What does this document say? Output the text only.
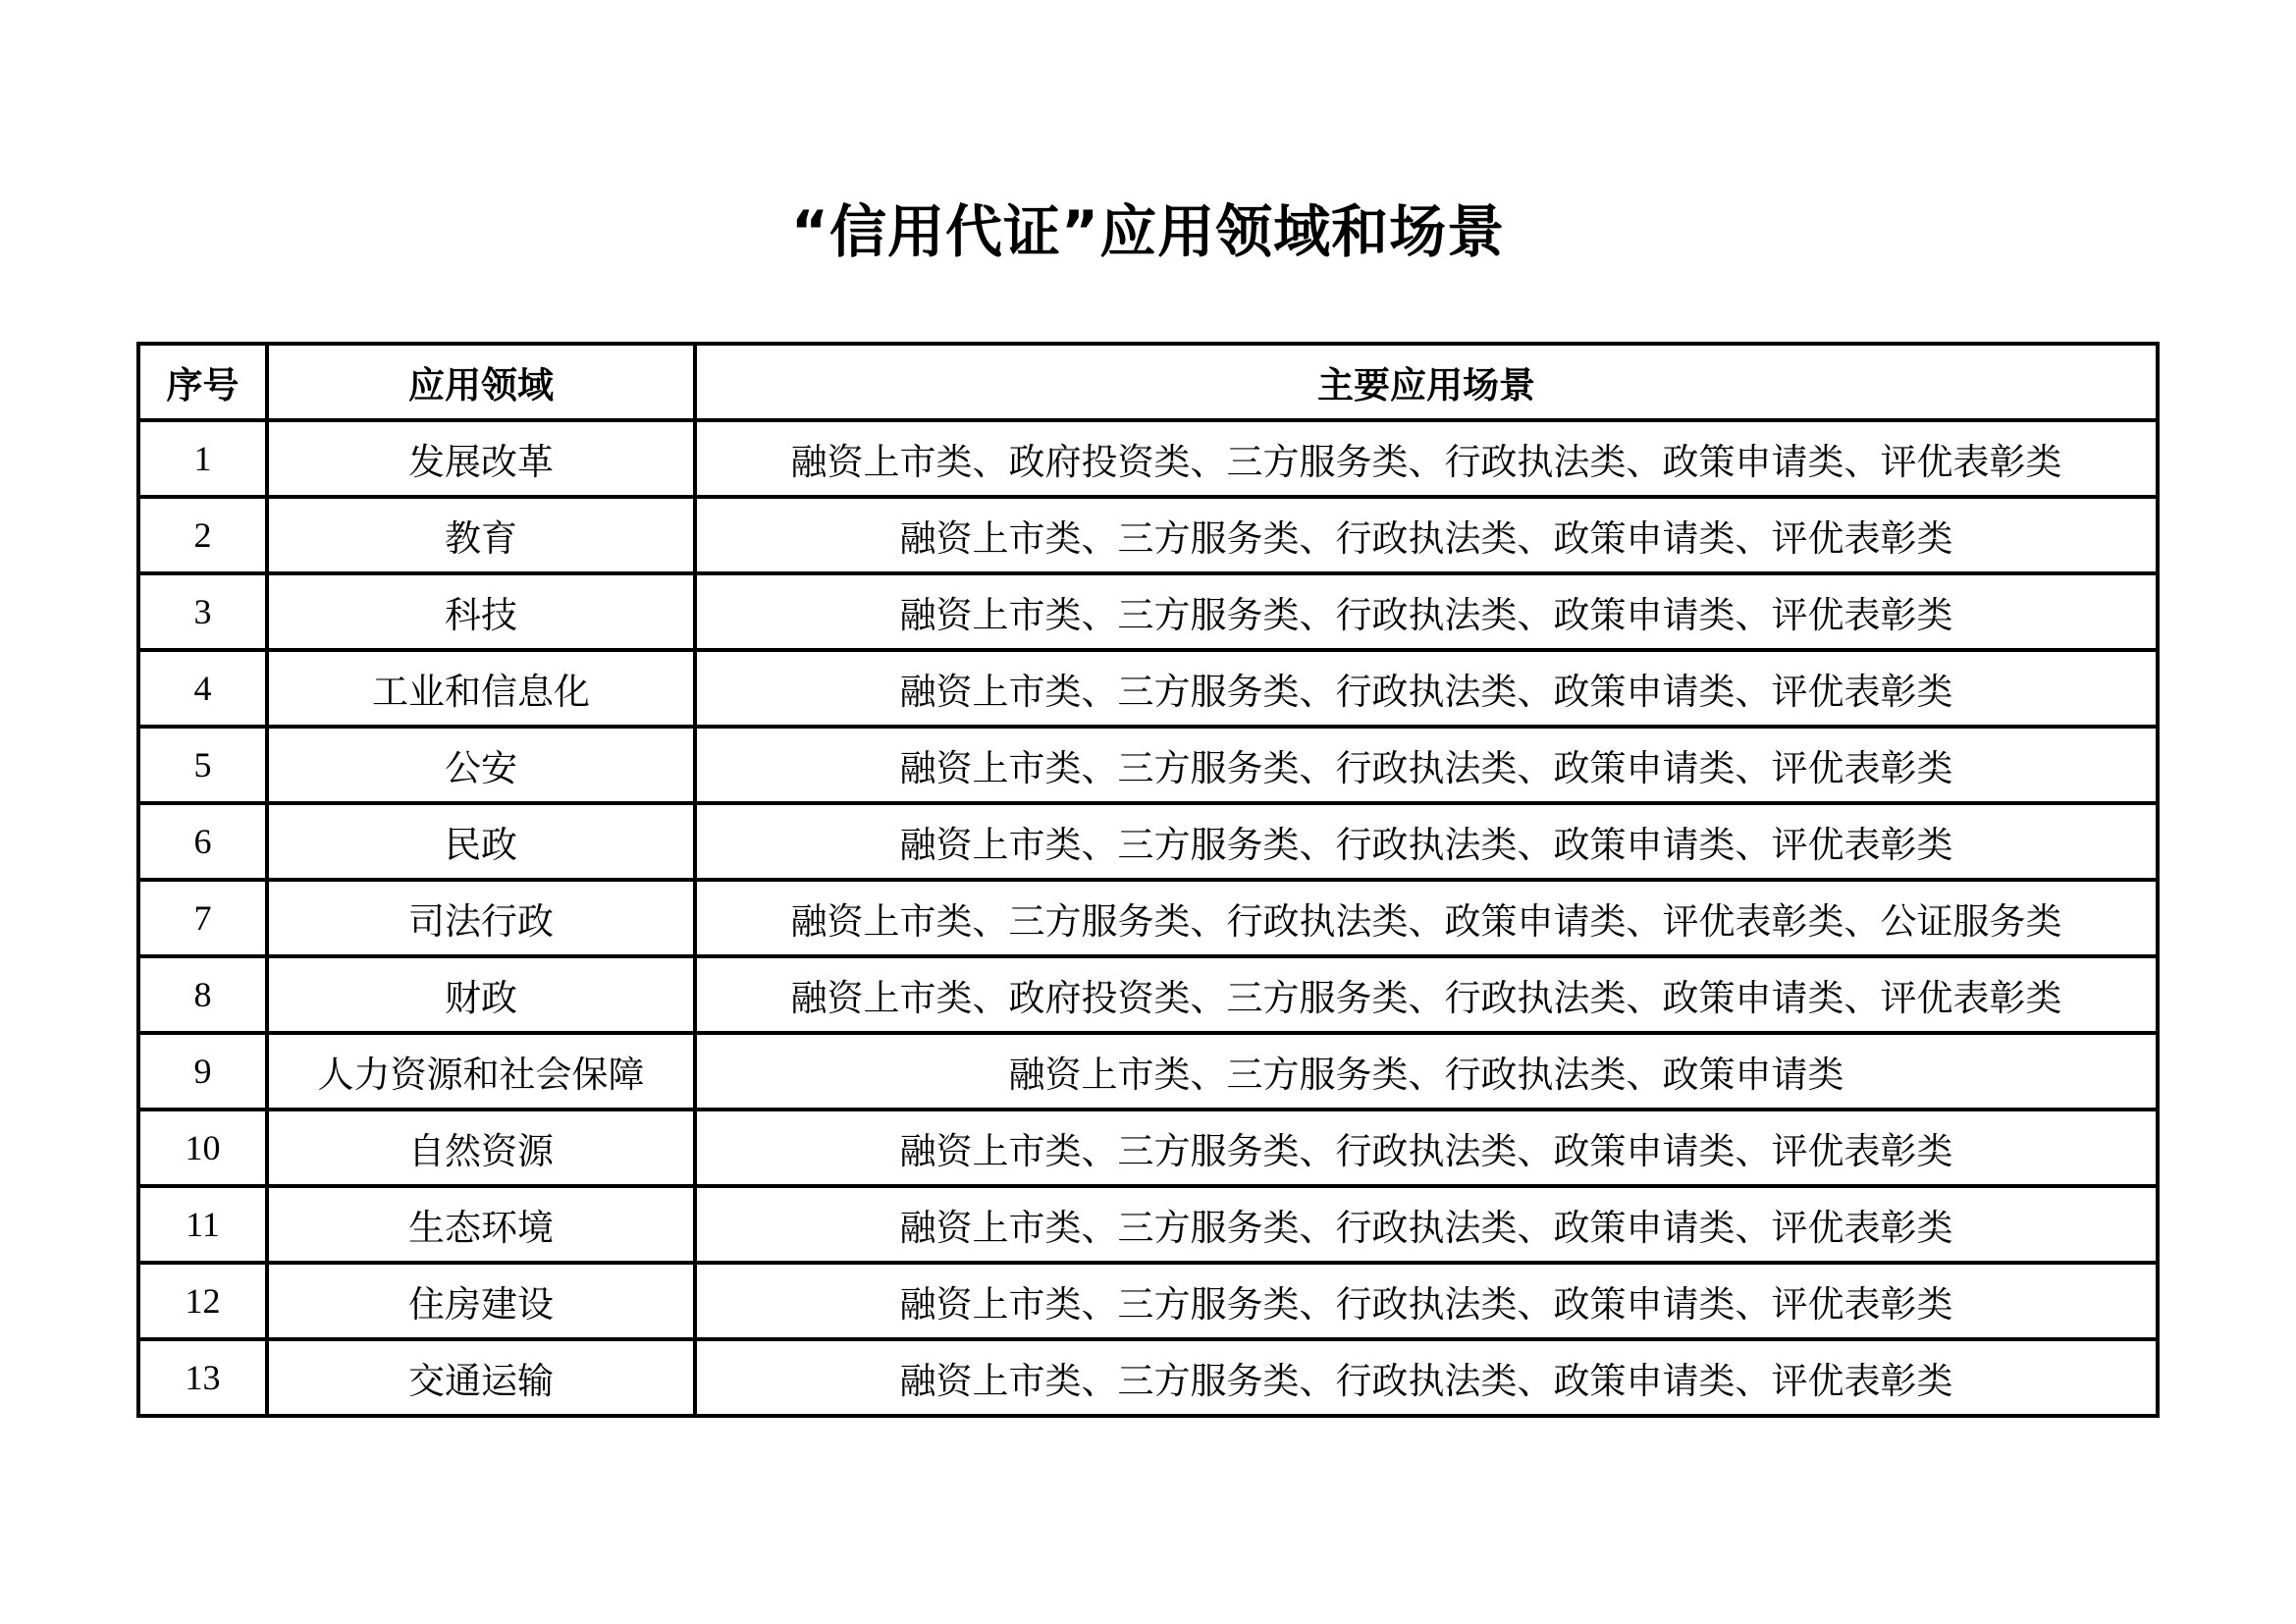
“信用代证”应用领域和场景
序号	应用领域	主要应用场景
1	发展改革	融资上市类、政府投资类、三方服务类、行政执法类、政策申请类、评优表彰类
2	教育	融资上市类、三方服务类、行政执法类、政策申请类、评优表彰类
3	科技	融资上市类、三方服务类、行政执法类、政策申请类、评优表彰类
4	工业和信息化	融资上市类、三方服务类、行政执法类、政策申请类、评优表彰类
5	公安	融资上市类、三方服务类、行政执法类、政策申请类、评优表彰类
6	民政	融资上市类、三方服务类、行政执法类、政策申请类、评优表彰类
7	司法行政	融资上市类、三方服务类、行政执法类、政策申请类、评优表彰类、公证服务类
8	财政	融资上市类、政府投资类、三方服务类、行政执法类、政策申请类、评优表彰类
9	人力资源和社会保障	融资上市类、三方服务类、行政执法类、政策申请类
10	自然资源	融资上市类、三方服务类、行政执法类、政策申请类、评优表彰类
11	生态环境	融资上市类、三方服务类、行政执法类、政策申请类、评优表彰类
12	住房建设	融资上市类、三方服务类、行政执法类、政策申请类、评优表彰类
13	交通运输	融资上市类、三方服务类、行政执法类、政策申请类、评优表彰类
